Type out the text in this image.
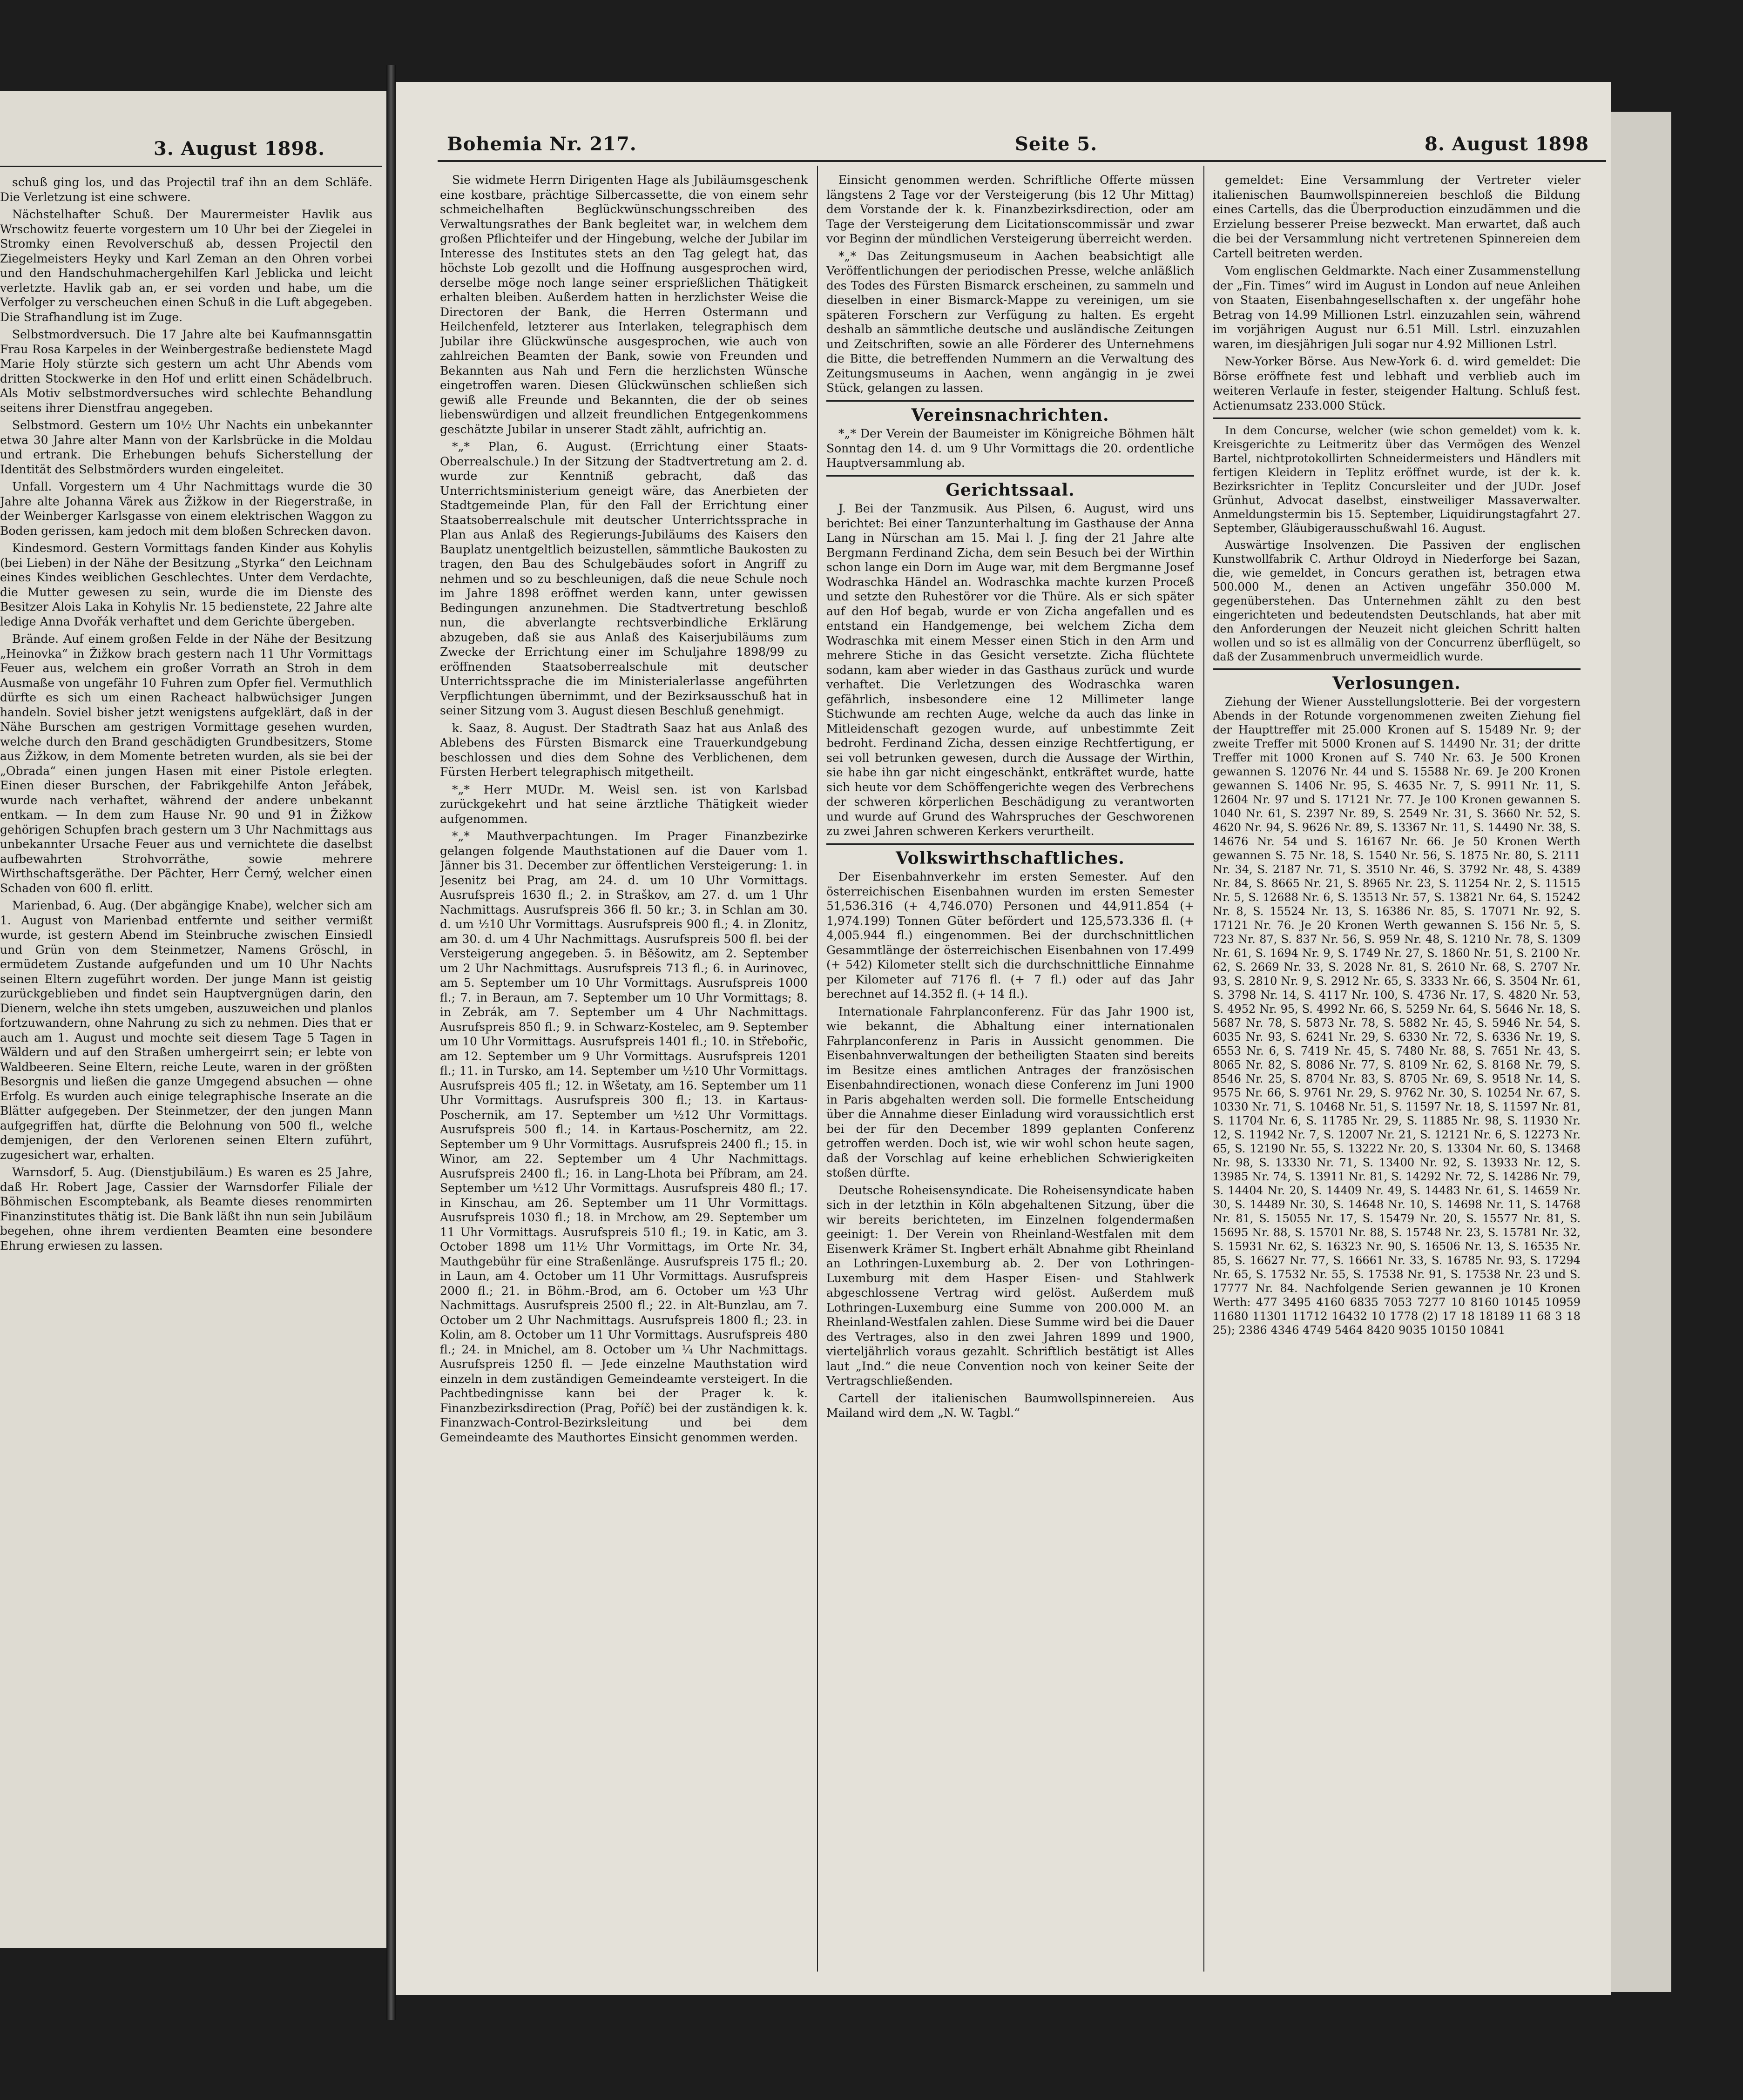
3. August 1898.

schuß ging los, und das Projectil traf ihn an dem Schläfe. Die Verletzung ist eine schwere.

Nächstelhafter Schuß. Der Maurermeister Havlik aus Wrschowitz feuerte vorgestern um 10 Uhr bei der Ziegelei in Stromky einen Revolverschuß ab, dessen Projectil den Ziegelmeisters Heyky und Karl Zeman an den Ohren vorbei und den Handschuhmachergehilfen Karl Jeblicka und leicht verletzte. Havlik gab an, er sei vorden und habe, um die Verfolger zu verscheuchen einen Schuß in die Luft abgegeben. Die Strafhandlung ist im Zuge.

Selbstmordversuch. Die 17 Jahre alte bei Kaufmannsgattin Frau Rosa Karpeles in der Weinbergestraße bedienstete Magd Marie Holy stürzte sich gestern um acht Uhr Abends vom dritten Stockwerke in den Hof und erlitt einen Schädelbruch. Als Motiv selbstmordversuches wird schlechte Behandlung seitens ihrer Dienstfrau angegeben.

Selbstmord. Gestern um 10½ Uhr Nachts ein unbekannter etwa 30 Jahre alter Mann von der Karlsbrücke in die Moldau und ertrank. Die Erhebungen behufs Sicherstellung der Identität des Selbstmörders wurden eingeleitet.

Unfall. Vorgestern um 4 Uhr Nachmittags wurde die 30 Jahre alte Johanna Värek aus Žižkow in der Riegerstraße, in der Weinberger Karlsgasse von einem elektrischen Waggon zu Boden gerissen, kam jedoch mit dem bloßen Schrecken davon.

Kindesmord. Gestern Vormittags fanden Kinder aus Kohylis (bei Lieben) in der Nähe der Besitzung „Styrka“ den Leichnam eines Kindes weiblichen Geschlechtes. Unter dem Verdachte, die Mutter gewesen zu sein, wurde die im Dienste des Besitzer Alois Laka in Kohylis Nr. 15 bedienstete, 22 Jahre alte ledige Anna Dvořák verhaftet und dem Gerichte übergeben.

Brände. Auf einem großen Felde in der Nähe der Besitzung „Heinovka“ in Žižkow brach gestern nach 11 Uhr Vormittags Feuer aus, welchem ein großer Vorrath an Stroh in dem Ausmaße von ungefähr 10 Fuhren zum Opfer fiel. Vermuthlich dürfte es sich um einen Racheact halbwüchsiger Jungen handeln. Soviel bisher jetzt wenigstens aufgeklärt, daß in der Nähe Burschen am gestrigen Vormittage gesehen wurden, welche durch den Brand geschädigten Grundbesitzers, Stome aus Žižkow, in dem Momente betreten wurden, als sie bei der „Obrada“ einen jungen Hasen mit einer Pistole erlegten. Einen dieser Burschen, der Fabrikgehilfe Anton Jeřábek, wurde nach verhaftet, während der andere unbekannt entkam. — In dem zum Hause Nr. 90 und 91 in Žižkow gehörigen Schupfen brach gestern um 3 Uhr Nachmittags aus unbekannter Ursache Feuer aus und vernichtete die daselbst aufbewahrten Strohvorräthe, sowie mehrere Wirthschaftsgeräthe. Der Pächter, Herr Černý, welcher einen Schaden von 600 fl. erlitt.

Marienbad, 6. Aug. (Der abgängige Knabe), welcher sich am 1. August von Marienbad entfernte und seither vermißt wurde, ist gestern Abend im Steinbruche zwischen Einsiedl und Grün von dem Steinmetzer, Namens Gröschl, in ermüdetem Zustande aufgefunden und um 10 Uhr Nachts seinen Eltern zugeführt worden. Der junge Mann ist geistig zurückgeblieben und findet sein Hauptvergnügen darin, den Dienern, welche ihn stets umgeben, auszuweichen und planlos fortzuwandern, ohne Nahrung zu sich zu nehmen. Dies that er auch am 1. August und mochte seit diesem Tage 5 Tagen in Wäldern und auf den Straßen umhergeirrt sein; er lebte von Waldbeeren. Seine Eltern, reiche Leute, waren in der größten Besorgnis und ließen die ganze Umgegend absuchen — ohne Erfolg. Es wurden auch einige telegraphische Inserate an die Blätter aufgegeben. Der Steinmetzer, der den jungen Mann aufgegriffen hat, dürfte die Belohnung von 500 fl., welche demjenigen, der den Verlorenen seinen Eltern zuführt, zugesichert war, erhalten.

Warnsdorf, 5. Aug. (Dienstjubiläum.) Es waren es 25 Jahre, daß Hr. Robert Jage, Cassier der Warnsdorfer Filiale der Böhmischen Escomptebank, als Beamte dieses renommirten Finanzinstitutes thätig ist. Die Bank läßt ihn nun sein Jubiläum begehen, ohne ihrem verdienten Beamten eine besondere Ehrung erwiesen zu lassen.

Bohemia Nr. 217.	Seite 5.	8. August 1898

Sie widmete Herrn Dirigenten Hage als Jubiläumsgeschenk eine kostbare, prächtige Silbercassette, die von einem sehr schmeichelhaften Beglückwünschungsschreiben des Verwaltungsrathes der Bank begleitet war, in welchem dem großen Pflichteifer und der Hingebung, welche der Jubilar im Interesse des Institutes stets an den Tag gelegt hat, das höchste Lob gezollt und die Hoffnung ausgesprochen wird, derselbe möge noch lange seiner ersprießlichen Thätigkeit erhalten bleiben. Außerdem hatten in herzlichster Weise die Directoren der Bank, die Herren Ostermann und Heilchenfeld, letzterer aus Interlaken, telegraphisch dem Jubilar ihre Glückwünsche ausgesprochen, wie auch von zahlreichen Beamten der Bank, sowie von Freunden und Bekannten aus Nah und Fern die herzlichsten Wünsche eingetroffen waren. Diesen Glückwünschen schließen sich gewiß alle Freunde und Bekannten, die der ob seines liebenswürdigen und allzeit freundlichen Entgegenkommens geschätzte Jubilar in unserer Stadt zählt, aufrichtig an.

*„* Plan, 6. August. (Errichtung einer Staats-Oberrealschule.) In der Sitzung der Stadtvertretung am 2. d. wurde zur Kenntniß gebracht, daß das Unterrichtsministerium geneigt wäre, das Anerbieten der Stadtgemeinde Plan, für den Fall der Errichtung einer Staatsoberrealschule mit deutscher Unterrichtssprache in Plan aus Anlaß des Regierungs-Jubiläums des Kaisers den Bauplatz unentgeltlich beizustellen, sämmtliche Baukosten zu tragen, den Bau des Schulgebäudes sofort in Angriff zu nehmen und so zu beschleunigen, daß die neue Schule noch im Jahre 1898 eröffnet werden kann, unter gewissen Bedingungen anzunehmen. Die Stadtvertretung beschloß nun, die abverlangte rechtsverbindliche Erklärung abzugeben, daß sie aus Anlaß des Kaiserjubiläums zum Zwecke der Errichtung einer im Schuljahre 1898/99 zu eröffnenden Staatsoberrealschule mit deutscher Unterrichtssprache die im Ministerialerlasse angeführten Verpflichtungen übernimmt, und der Bezirksausschuß hat in seiner Sitzung vom 3. August diesen Beschluß genehmigt.

k. Saaz, 8. August. Der Stadtrath Saaz hat aus Anlaß des Ablebens des Fürsten Bismarck eine Trauerkundgebung beschlossen und dies dem Sohne des Verblichenen, dem Fürsten Herbert telegraphisch mitgetheilt.

*„* Herr MUDr. M. Weisl sen. ist von Karlsbad zurückgekehrt und hat seine ärztliche Thätigkeit wieder aufgenommen.

*„* Mauthverpachtungen. Im Prager Finanzbezirke gelangen folgende Mauthstationen auf die Dauer vom 1. Jänner bis 31. December zur öffentlichen Versteigerung: 1. in Jesenitz bei Prag, am 24. d. um 10 Uhr Vormittags. Ausrufspreis 1630 fl.; 2. in Straškov, am 27. d. um 1 Uhr Nachmittags. Ausrufspreis 366 fl. 50 kr.; 3. in Schlan am 30. d. um ½10 Uhr Vormittags. Ausrufspreis 900 fl.; 4. in Zlonitz, am 30. d. um 4 Uhr Nachmittags. Ausrufspreis 500 fl. bei der Versteigerung angegeben. 5. in Běšowitz, am 2. September um 2 Uhr Nachmittags. Ausrufspreis 713 fl.; 6. in Aurinovec, am 5. September um 10 Uhr Vormittags. Ausrufspreis 1000 fl.; 7. in Beraun, am 7. September um 10 Uhr Vormittags; 8. in Zebrák, am 7. September um 4 Uhr Nachmittags. Ausrufspreis 850 fl.; 9. in Schwarz-Kostelec, am 9. September um 10 Uhr Vormittags. Ausrufspreis 1401 fl.; 10. in Střebořic, am 12. September um 9 Uhr Vormittags. Ausrufspreis 1201 fl.; 11. in Tursko, am 14. September um ½10 Uhr Vormittags. Ausrufspreis 405 fl.; 12. in Wšetaty, am 16. September um 11 Uhr Vormittags. Ausrufspreis 300 fl.; 13. in Kartaus-Poschernik, am 17. September um ½12 Uhr Vormittags. Ausrufspreis 500 fl.; 14. in Kartaus-Poschernitz, am 22. September um 9 Uhr Vormittags. Ausrufspreis 2400 fl.; 15. in Winor, am 22. September um 4 Uhr Nachmittags. Ausrufspreis 2400 fl.; 16. in Lang-Lhota bei Příbram, am 24. September um ½12 Uhr Vormittags. Ausrufspreis 480 fl.; 17. in Kinschau, am 26. September um 11 Uhr Vormittags. Ausrufspreis 1030 fl.; 18. in Mrchow, am 29. September um 11 Uhr Vormittags. Ausrufspreis 510 fl.; 19. in Katic, am 3. October 1898 um 11½ Uhr Vormittags, im Orte Nr. 34, Mauthgebühr für eine Straßenlänge. Ausrufspreis 175 fl.; 20. in Laun, am 4. October um 11 Uhr Vormittags. Ausrufspreis 2000 fl.; 21. in Böhm.-Brod, am 6. October um ½3 Uhr Nachmittags. Ausrufspreis 2500 fl.; 22. in Alt-Bunzlau, am 7. October um 2 Uhr Nachmittags. Ausrufspreis 1800 fl.; 23. in Kolin, am 8. October um 11 Uhr Vormittags. Ausrufspreis 480 fl.; 24. in Mnichel, am 8. October um ¼ Uhr Nachmittags. Ausrufspreis 1250 fl. — Jede einzelne Mauthstation wird einzeln in dem zuständigen Gemeindeamte versteigert. In die Pachtbedingnisse kann bei der Prager k. k. Finanzbezirksdirection (Prag, Poříč) bei der zuständigen k. k. Finanzwach-Control-Bezirksleitung und bei dem Gemeindeamte des Mauthortes Einsicht genommen werden.

Einsicht genommen werden. Schriftliche Offerte müssen längstens 2 Tage vor der Versteigerung (bis 12 Uhr Mittag) dem Vorstande der k. k. Finanzbezirksdirection, oder am Tage der Versteigerung dem Licitationscommissär und zwar vor Beginn der mündlichen Versteigerung überreicht werden.

*„* Das Zeitungsmuseum in Aachen beabsichtigt alle Veröffentlichungen der periodischen Presse, welche anläßlich des Todes des Fürsten Bismarck erscheinen, zu sammeln und dieselben in einer Bismarck-Mappe zu vereinigen, um sie späteren Forschern zur Verfügung zu halten. Es ergeht deshalb an sämmtliche deutsche und ausländische Zeitungen und Zeitschriften, sowie an alle Förderer des Unternehmens die Bitte, die betreffenden Nummern an die Verwaltung des Zeitungsmuseums in Aachen, wenn angängig in je zwei Stück, gelangen zu lassen.

Vereinsnachrichten.

*„* Der Verein der Baumeister im Königreiche Böhmen hält Sonntag den 14. d. um 9 Uhr Vormittags die 20. ordentliche Hauptversammlung ab.

Gerichtssaal.

J. Bei der Tanzmusik. Aus Pilsen, 6. August, wird uns berichtet: Bei einer Tanzunterhaltung im Gasthause der Anna Lang in Nürschan am 15. Mai l. J. fing der 21 Jahre alte Bergmann Ferdinand Zicha, dem sein Besuch bei der Wirthin schon lange ein Dorn im Auge war, mit dem Bergmanne Josef Wodraschka Händel an. Wodraschka machte kurzen Proceß und setzte den Ruhestörer vor die Thüre. Als er sich später auf den Hof begab, wurde er von Zicha angefallen und es entstand ein Handgemenge, bei welchem Zicha dem Wodraschka mit einem Messer einen Stich in den Arm und mehrere Stiche in das Gesicht versetzte. Zicha flüchtete sodann, kam aber wieder in das Gasthaus zurück und wurde verhaftet. Die Verletzungen des Wodraschka waren gefährlich, insbesondere eine 12 Millimeter lange Stichwunde am rechten Auge, welche da auch das linke in Mitleidenschaft gezogen wurde, auf unbestimmte Zeit bedroht. Ferdinand Zicha, dessen einzige Rechtfertigung, er sei voll betrunken gewesen, durch die Aussage der Wirthin, sie habe ihn gar nicht eingeschänkt, entkräftet wurde, hatte sich heute vor dem Schöffengerichte wegen des Verbrechens der schweren körperlichen Beschädigung zu verantworten und wurde auf Grund des Wahrspruches der Geschworenen zu zwei Jahren schweren Kerkers verurtheilt.

Volkswirthschaftliches.

Der Eisenbahnverkehr im ersten Semester. Auf den österreichischen Eisenbahnen wurden im ersten Semester 51,536.316 (+ 4,746.070) Personen und 44,911.854 (+ 1,974.199) Tonnen Güter befördert und 125,573.336 fl. (+ 4,005.944 fl.) eingenommen. Bei der durchschnittlichen Gesammtlänge der österreichischen Eisenbahnen von 17.499 (+ 542) Kilometer stellt sich die durchschnittliche Einnahme per Kilometer auf 7176 fl. (+ 7 fl.) oder auf das Jahr berechnet auf 14.352 fl. (+ 14 fl.).

Internationale Fahrplanconferenz. Für das Jahr 1900 ist, wie bekannt, die Abhaltung einer internationalen Fahrplanconferenz in Paris in Aussicht genommen. Die Eisenbahnverwaltungen der betheiligten Staaten sind bereits im Besitze eines amtlichen Antrages der französischen Eisenbahndirectionen, wonach diese Conferenz im Juni 1900 in Paris abgehalten werden soll. Die formelle Entscheidung über die Annahme dieser Einladung wird voraussichtlich erst bei der für den December 1899 geplanten Conferenz getroffen werden. Doch ist, wie wir wohl schon heute sagen, daß der Vorschlag auf keine erheblichen Schwierigkeiten stoßen dürfte.

Deutsche Roheisensyndicate. Die Roheisensyndicate haben sich in der letzthin in Köln abgehaltenen Sitzung, über die wir bereits berichteten, im Einzelnen folgendermaßen geeinigt: 1. Der Verein von Rheinland-Westfalen mit dem Eisenwerk Krämer St. Ingbert erhält Abnahme gibt Rheinland an Lothringen-Luxemburg ab. 2. Der von Lothringen-Luxemburg mit dem Hasper Eisen- und Stahlwerk abgeschlossene Vertrag wird gelöst. Außerdem muß Lothringen-Luxemburg eine Summe von 200.000 M. an Rheinland-Westfalen zahlen. Diese Summe wird bei die Dauer des Vertrages, also in den zwei Jahren 1899 und 1900, vierteljährlich voraus gezahlt. Schriftlich bestätigt ist Alles laut „Ind.“ die neue Convention noch von keiner Seite der Vertragschließenden.

Cartell der italienischen Baumwollspinnereien. Aus Mailand wird dem „N. W. Tagbl.“

gemeldet: Eine Versammlung der Vertreter vieler italienischen Baumwollspinnereien beschloß die Bildung eines Cartells, das die Überproduction einzudämmen und die Erzielung besserer Preise bezweckt. Man erwartet, daß auch die bei der Versammlung nicht vertretenen Spinnereien dem Cartell beitreten werden.

Vom englischen Geldmarkte. Nach einer Zusammenstellung der „Fin. Times“ wird im August in London auf neue Anleihen von Staaten, Eisenbahngesellschaften x. der ungefähr hohe Betrag von 14.99 Millionen Lstrl. einzuzahlen sein, während im vorjährigen August nur 6.51 Mill. Lstrl. einzuzahlen waren, im diesjährigen Juli sogar nur 4.92 Millionen Lstrl.

New-Yorker Börse. Aus New-York 6. d. wird gemeldet: Die Börse eröffnete fest und lebhaft und verblieb auch im weiteren Verlaufe in fester, steigender Haltung. Schluß fest. Actienumsatz 233.000 Stück.

In dem Concurse, welcher (wie schon gemeldet) vom k. k. Kreisgerichte zu Leitmeritz über das Vermögen des Wenzel Bartel, nichtprotokollirten Schneidermeisters und Händlers mit fertigen Kleidern in Teplitz eröffnet wurde, ist der k. k. Bezirksrichter in Teplitz Concursleiter und der JUDr. Josef Grünhut, Advocat daselbst, einstweiliger Massaverwalter. Anmeldungstermin bis 15. September, Liquidirungstagfahrt 27. September, Gläubigerausschußwahl 16. August.

Auswärtige Insolvenzen. Die Passiven der englischen Kunstwollfabrik C. Arthur Oldroyd in Niederforge bei Sazan, die, wie gemeldet, in Concurs gerathen ist, betragen etwa 500.000 M., denen an Activen ungefähr 350.000 M. gegenüberstehen. Das Unternehmen zählt zu den best eingerichteten und bedeutendsten Deutschlands, hat aber mit den Anforderungen der Neuzeit nicht gleichen Schritt halten wollen und so ist es allmälig von der Concurrenz überflügelt, so daß der Zusammenbruch unvermeidlich wurde.

Verlosungen.

Ziehung der Wiener Ausstellungslotterie. Bei der vorgestern Abends in der Rotunde vorgenommenen zweiten Ziehung fiel der Haupttreffer mit 25.000 Kronen auf S. 15489 Nr. 9; der zweite Treffer mit 5000 Kronen auf S. 14490 Nr. 31; der dritte Treffer mit 1000 Kronen auf S. 740 Nr. 63. Je 500 Kronen gewannen S. 12076 Nr. 44 und S. 15588 Nr. 69. Je 200 Kronen gewannen S. 1406 Nr. 95, S. 4635 Nr. 7, S. 9911 Nr. 11, S. 12604 Nr. 97 und S. 17121 Nr. 77. Je 100 Kronen gewannen S. 1040 Nr. 61, S. 2397 Nr. 89, S. 2549 Nr. 31, S. 3660 Nr. 52, S. 4620 Nr. 94, S. 9626 Nr. 89, S. 13367 Nr. 11, S. 14490 Nr. 38, S. 14676 Nr. 54 und S. 16167 Nr. 66. Je 50 Kronen Werth gewannen S. 75 Nr. 18, S. 1540 Nr. 56, S. 1875 Nr. 80, S. 2111 Nr. 34, S. 2187 Nr. 71, S. 3510 Nr. 46, S. 3792 Nr. 48, S. 4389 Nr. 84, S. 8665 Nr. 21, S. 8965 Nr. 23, S. 11254 Nr. 2, S. 11515 Nr. 5, S. 12688 Nr. 6, S. 13513 Nr. 57, S. 13821 Nr. 64, S. 15242 Nr. 8, S. 15524 Nr. 13, S. 16386 Nr. 85, S. 17071 Nr. 92, S. 17121 Nr. 76. Je 20 Kronen Werth gewannen S. 156 Nr. 5, S. 723 Nr. 87, S. 837 Nr. 56, S. 959 Nr. 48, S. 1210 Nr. 78, S. 1309 Nr. 61, S. 1694 Nr. 9, S. 1749 Nr. 27, S. 1860 Nr. 51, S. 2100 Nr. 62, S. 2669 Nr. 33, S. 2028 Nr. 81, S. 2610 Nr. 68, S. 2707 Nr. 93, S. 2810 Nr. 9, S. 2912 Nr. 65, S. 3333 Nr. 66, S. 3504 Nr. 61, S. 3798 Nr. 14, S. 4117 Nr. 100, S. 4736 Nr. 17, S. 4820 Nr. 53, S. 4952 Nr. 95, S. 4992 Nr. 66, S. 5259 Nr. 64, S. 5646 Nr. 18, S. 5687 Nr. 78, S. 5873 Nr. 78, S. 5882 Nr. 45, S. 5946 Nr. 54, S. 6035 Nr. 93, S. 6241 Nr. 29, S. 6330 Nr. 72, S. 6336 Nr. 19, S. 6553 Nr. 6, S. 7419 Nr. 45, S. 7480 Nr. 88, S. 7651 Nr. 43, S. 8065 Nr. 82, S. 8086 Nr. 77, S. 8109 Nr. 62, S. 8168 Nr. 79, S. 8546 Nr. 25, S. 8704 Nr. 83, S. 8705 Nr. 69, S. 9518 Nr. 14, S. 9575 Nr. 66, S. 9761 Nr. 29, S. 9762 Nr. 30, S. 10254 Nr. 67, S. 10330 Nr. 71, S. 10468 Nr. 51, S. 11597 Nr. 18, S. 11597 Nr. 81, S. 11704 Nr. 6, S. 11785 Nr. 29, S. 11885 Nr. 98, S. 11930 Nr. 12, S. 11942 Nr. 7, S. 12007 Nr. 21, S. 12121 Nr. 6, S. 12273 Nr. 65, S. 12190 Nr. 55, S. 13222 Nr. 20, S. 13304 Nr. 60, S. 13468 Nr. 98, S. 13330 Nr. 71, S. 13400 Nr. 92, S. 13933 Nr. 12, S. 13985 Nr. 74, S. 13911 Nr. 81, S. 14292 Nr. 72, S. 14286 Nr. 79, S. 14404 Nr. 20, S. 14409 Nr. 49, S. 14483 Nr. 61, S. 14659 Nr. 30, S. 14489 Nr. 30, S. 14648 Nr. 10, S. 14698 Nr. 11, S. 14768 Nr. 81, S. 15055 Nr. 17, S. 15479 Nr. 20, S. 15577 Nr. 81, S. 15695 Nr. 88, S. 15701 Nr. 88, S. 15748 Nr. 23, S. 15781 Nr. 32, S. 15931 Nr. 62, S. 16323 Nr. 90, S. 16506 Nr. 13, S. 16535 Nr. 85, S. 16627 Nr. 77, S. 16661 Nr. 33, S. 16785 Nr. 93, S. 17294 Nr. 65, S. 17532 Nr. 55, S. 17538 Nr. 91, S. 17538 Nr. 23 und S. 17777 Nr. 84. Nachfolgende Serien gewannen je 10 Kronen Werth: 477 3495 4160 6835 7053 7277 10 8160 10145 10959 11680 11301 11712 16432 10 1778 (2) 17 18 18189 11 68 3 18 25); 2386 4346 4749 5464 8420 9035 10150 10841
